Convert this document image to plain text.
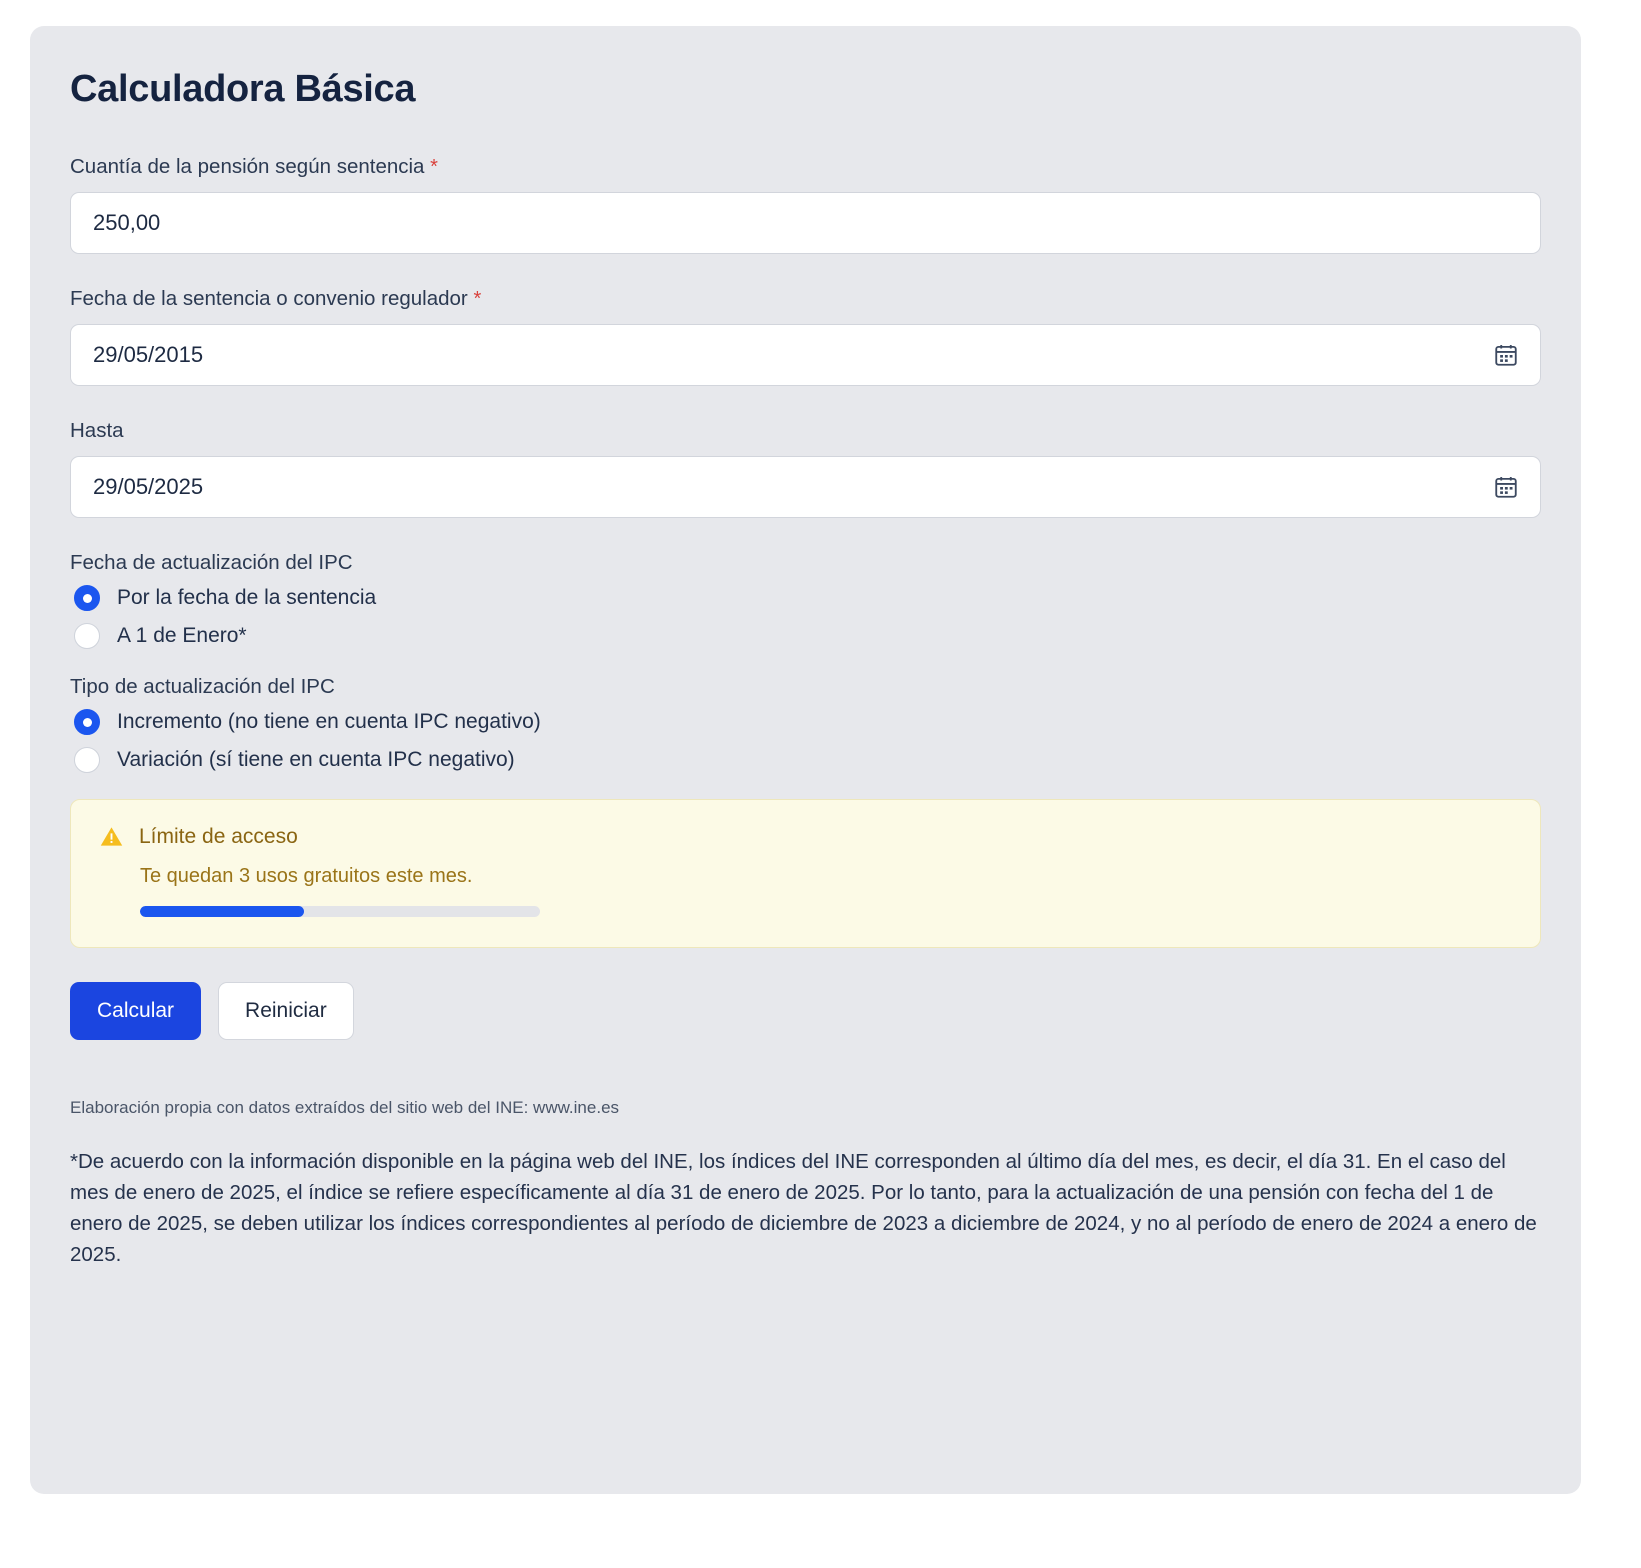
Calculadora Básica
Cuantía de la pensión según sentencia *
250,00
Fecha de la sentencia o convenio regulador *
29/05/2015
Hasta
29/05/2025
Fecha de actualización del IPC
Por la fecha de la sentencia
A 1 de Enero*
Tipo de actualización del IPC
Incremento (no tiene en cuenta IPC negativo)
Variación (sí tiene en cuenta IPC negativo)
Límite de acceso
Te quedan 3 usos gratuitos este mes.
Calcular	Reiniciar
Elaboración propia con datos extraídos del sitio web del INE: www.ine.es
*De acuerdo con la información disponible en la página web del INE, los índices del INE corresponden al último día del mes, es decir, el día 31. En el caso del mes de enero de 2025, el índice se refiere específicamente al día 31 de enero de 2025. Por lo tanto, para la actualización de una pensión con fecha del 1 de enero de 2025, se deben utilizar los índices correspondientes al período de diciembre de 2023 a diciembre de 2024, y no al período de enero de 2024 a enero de 2025.
